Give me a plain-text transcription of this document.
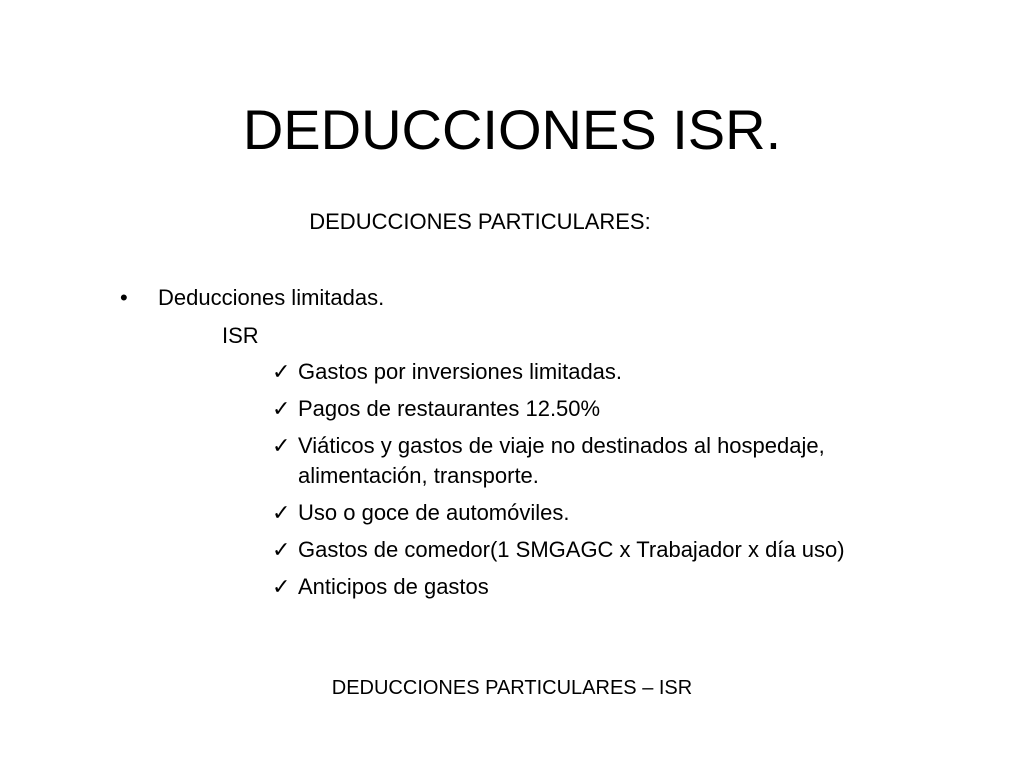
DEDUCCIONES ISR.
DEDUCCIONES PARTICULARES:
•	Deducciones limitadas.
ISR
✓ Gastos por inversiones limitadas.
✓ Pagos de restaurantes 12.50%
✓ Viáticos y gastos de viaje no destinados al hospedaje, alimentación, transporte.
✓ Uso o goce de automóviles.
✓ Gastos de comedor(1 SMGAGC x Trabajador x día uso)
✓ Anticipos de gastos
DEDUCCIONES PARTICULARES – ISR
